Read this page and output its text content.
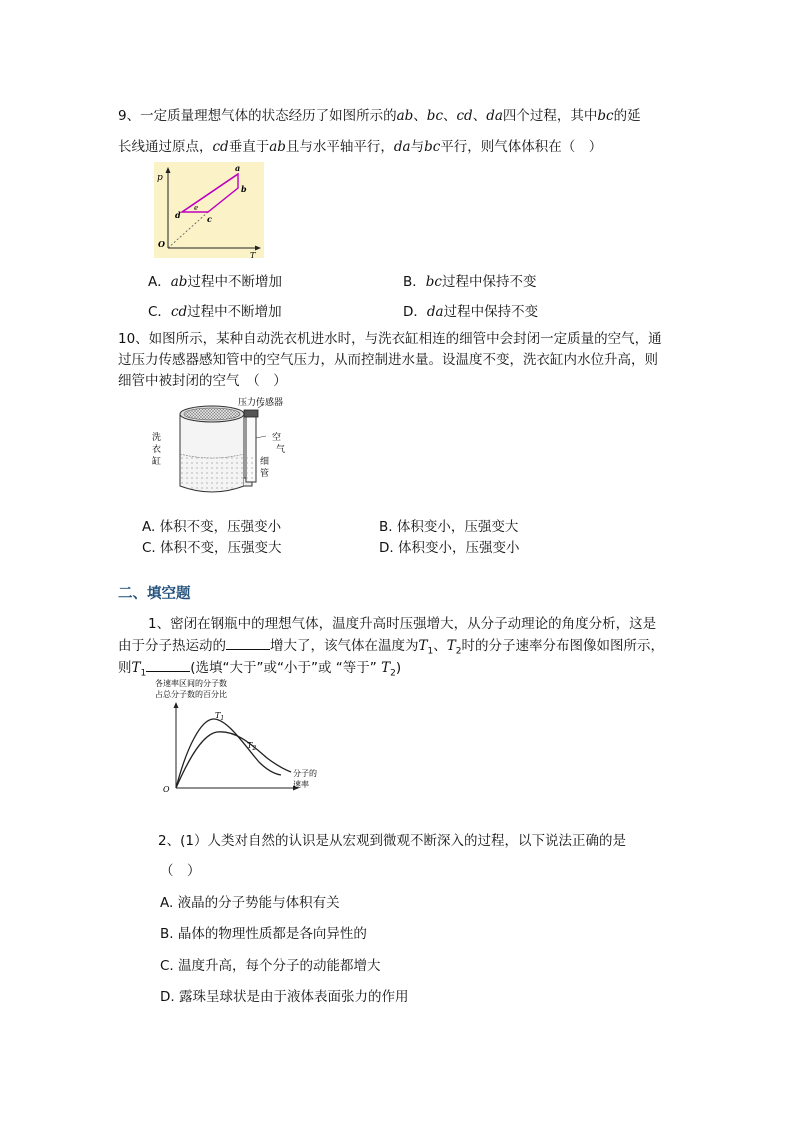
9、一定质量理想气体的状态经历了如图所示的ab、bc、cd、da四个过程，其中bc的延
长线通过原点，cd垂直于ab且与水平轴平行，da与bc平行，则气体体积在（　）
p
T
O
a
b
c
d
e
A．ab过程中不断增加	B．bc过程中保持不变
C．cd过程中不断增加	D．da过程中保持不变
10、如图所示，某种自动洗衣机进水时，与洗衣缸相连的细管中会封闭一定质量的空气，通
过压力传感器感知管中的空气压力，从而控制进水量。设温度不变，洗衣缸内水位升高，则
细管中被封闭的空气　（　）
压力传感器
洗
衣
缸
空
气
细
管
A. 体积不变，压强变小	B. 体积变小，压强变大
C. 体积不变，压强变大	D. 体积变小，压强变小
二、填空题
1、密闭在钢瓶中的理想气体，温度升高时压强增大，从分子动理论的角度分析，这是
由于分子热运动的	增大了，该气体在温度为$T_1$、$T_2$时的分子速率分布图像如图所示，
则$T_1$	(选填“大于”或“小于”或 “等于” $T_2$)
各速率区间的分子数
占总分子数的百分比
$T_1$
$T_2$
分子的
速率
O
2、(1）人类对自然的认识是从宏观到微观不断深入的过程，以下说法正确的是
（　）
A. 液晶的分子势能与体积有关
B. 晶体的物理性质都是各向异性的
C. 温度升高，每个分子的动能都增大
D. 露珠呈球状是由于液体表面张力的作用
